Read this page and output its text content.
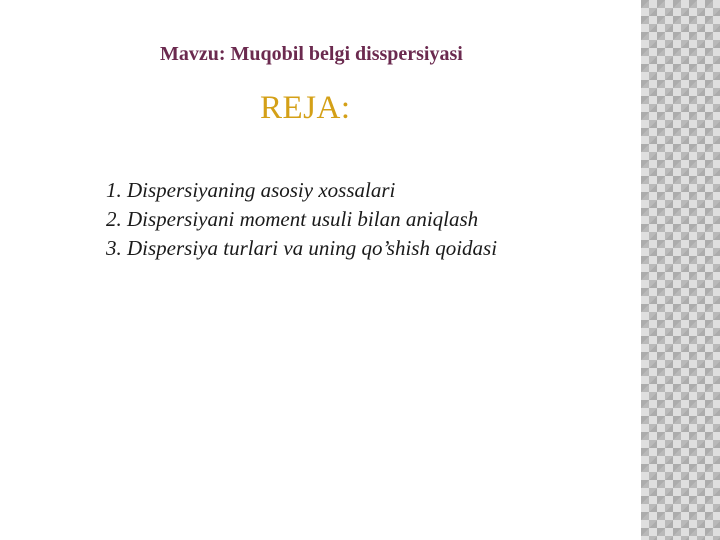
Mavzu: Muqobil belgi disspersiyasi
REJA:
1. Dispersiyaning asosiy xossalari
2. Dispersiyani moment usuli bilan aniqlash
3. Dispersiya turlari va uning qo’shish qoidasi
